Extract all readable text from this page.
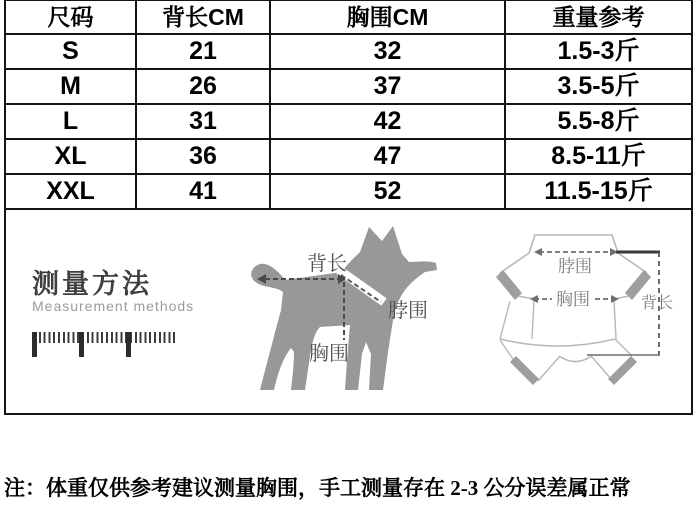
尺码	背长CM	胸围CM	重量参考
S	21	32	1.5-3斤
M	26	37	3.5-5斤
L	31	42	5.5-8斤
XL	36	47	8.5-11斤
XXL	41	52	11.5-15斤
测量方法
Measurement methods
背长
脖围
胸围
脖围
胸围	背长
注：体重仅供参考建议测量胸围，手工测量存在 2-3 公分误差属正常
